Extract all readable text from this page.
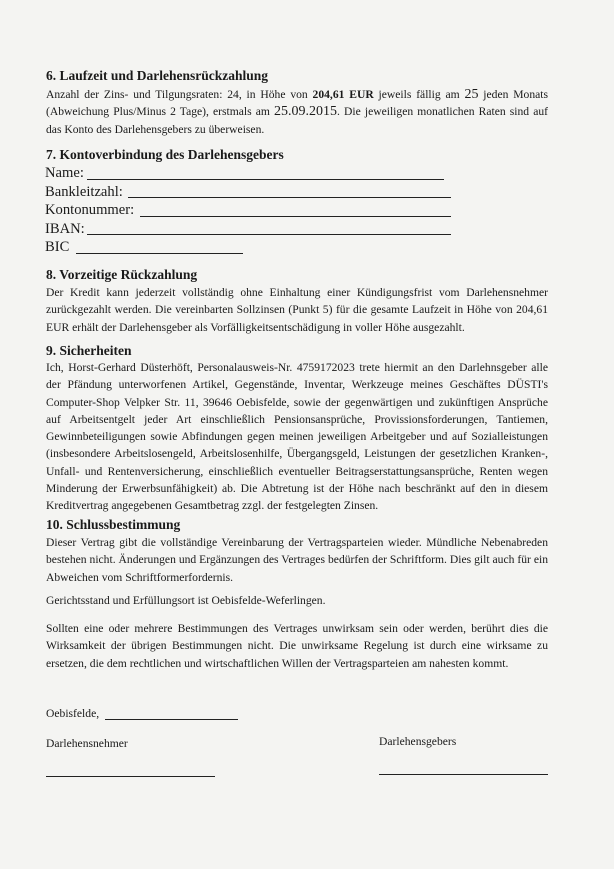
6. Laufzeit und Darlehensrückzahlung
Anzahl der Zins- und Tilgungsraten: 24, in Höhe von 204,61 EUR jeweils fällig am 25 jeden Monats (Abweichung Plus/Minus 2 Tage), erstmals am 25.09.2015. Die jeweiligen monatlichen Raten sind auf das Konto des Darlehensgebers zu überweisen.
7. Kontoverbindung des Darlehensgebers
Name:
Bankleitzahl:
Kontonummer:
IBAN:
BIC
8. Vorzeitige Rückzahlung
Der Kredit kann jederzeit vollständig ohne Einhaltung einer Kündigungsfrist vom Darlehensnehmer zurückgezahlt werden. Die vereinbarten Sollzinsen (Punkt 5) für die gesamte Laufzeit in Höhe von 204,61 EUR erhält der Darlehensgeber als Vorfälligkeitsentschädigung in voller Höhe ausgezahlt.
9. Sicherheiten
Ich, Horst-Gerhard Düsterhöft, Personalausweis-Nr. 4759172023 trete hiermit an den Darlehnsgeber alle der Pfändung unterworfenen Artikel, Gegenstände, Inventar, Werkzeuge meines Geschäftes DÜSTI's Computer-Shop Velpker Str. 11, 39646 Oebisfelde, sowie der gegenwärtigen und zukünftigen Ansprüche auf Arbeitsentgelt jeder Art einschließlich Pensionsansprüche, Provissionsforderungen, Tantiemen, Gewinnbeteiligungen sowie Abfindungen gegen meinen jeweiligen Arbeitgeber und auf Sozialleistungen (insbesondere Arbeitslosengeld, Arbeitslosenhilfe, Übergangsgeld, Leistungen der gesetzlichen Kranken-, Unfall- und Rentenversicherung, einschließlich eventueller Beitragserstattungsansprüche, Renten wegen Minderung der Erwerbsunfähigkeit) ab. Die Abtretung ist der Höhe nach beschränkt auf den in diesem Kreditvertrag angegebenen Gesamtbetrag zzgl. der festgelegten Zinsen.
10. Schlussbestimmung
Dieser Vertrag gibt die vollständige Vereinbarung der Vertragsparteien wieder. Mündliche Nebenabreden bestehen nicht. Änderungen und Ergänzungen des Vertrages bedürfen der Schriftform. Dies gilt auch für ein Abweichen vom Schriftformerfordernis.
Gerichtsstand und Erfüllungsort ist Oebisfelde-Weferlingen.
Sollten eine oder mehrere Bestimmungen des Vertrages unwirksam sein oder werden, berührt dies die Wirksamkeit der übrigen Bestimmungen nicht. Die unwirksame Regelung ist durch eine wirksame zu ersetzen, die dem rechtlichen und wirtschaftlichen Willen der Vertragsparteien am nahesten kommt.
Oebisfelde,
Darlehensnehmer	Darlehensgebers
